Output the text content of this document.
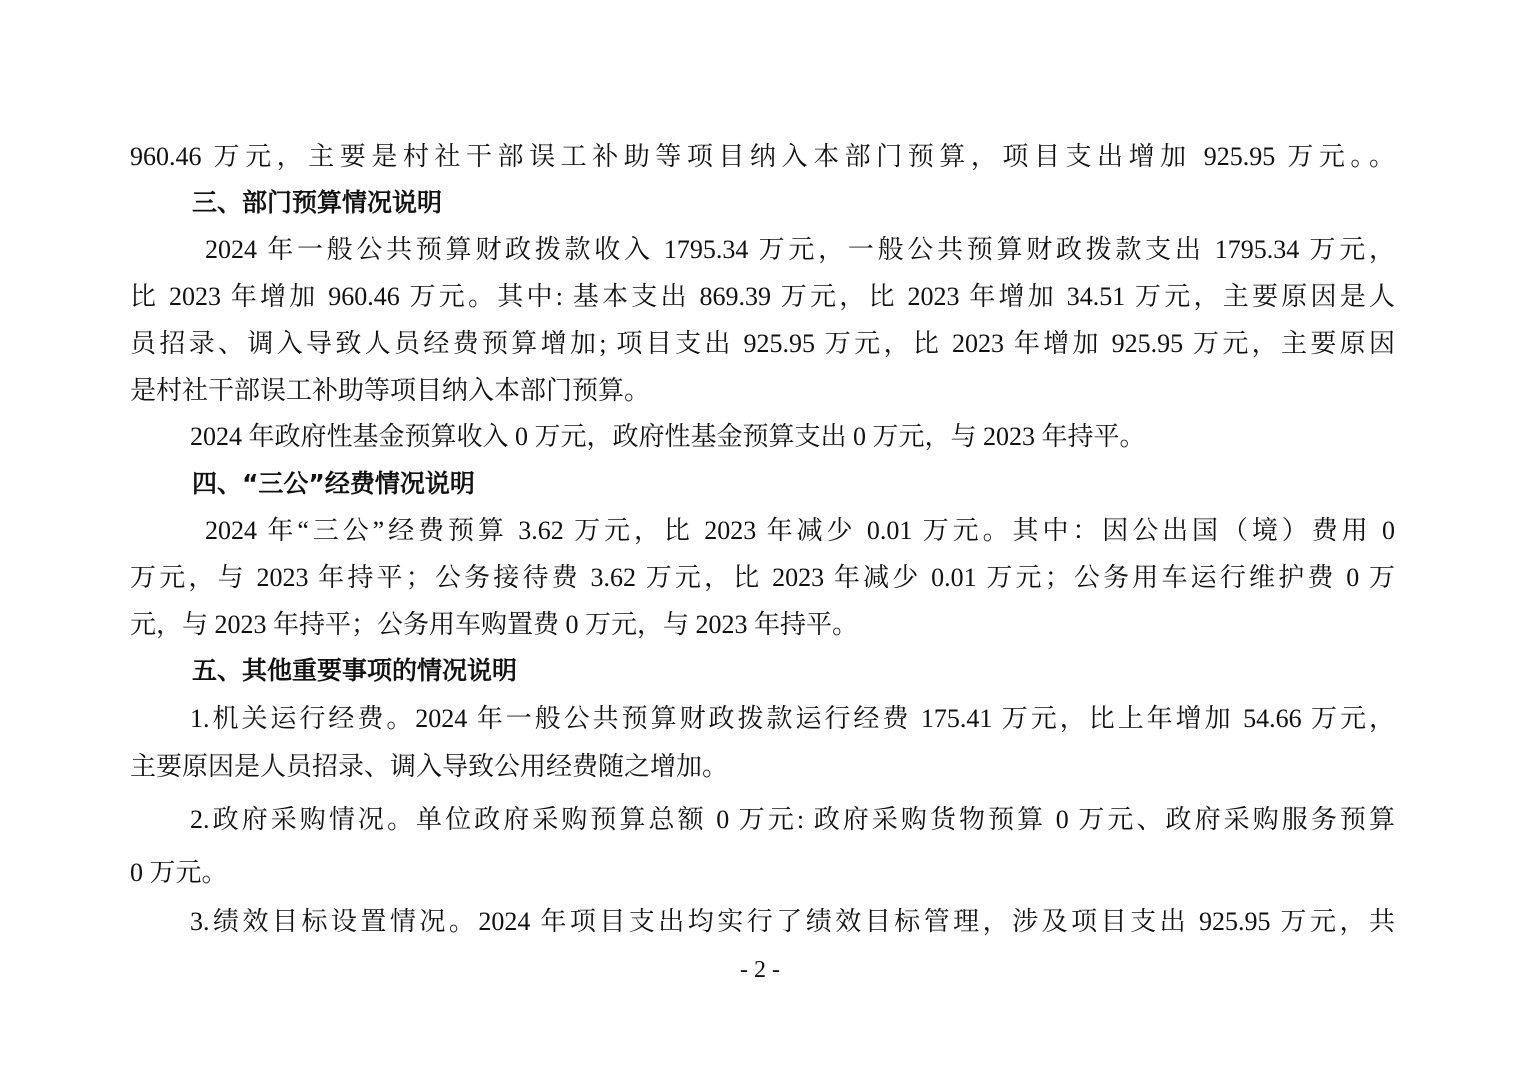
960.46 万元，主要是村社干部误工补助等项目纳入本部门预算，项目支出增加 925.95 万元。。
三、部门预算情况说明
2024 年一般公共预算财政拨款收入 1795.34 万元，一般公共预算财政拨款支出 1795.34 万元，
比 2023 年增加 960.46 万元。其中: 基本支出 869.39 万元，比 2023 年增加 34.51 万元，主要原因是人
员招录、调入导致人员经费预算增加; 项目支出 925.95 万元，比 2023 年增加 925.95 万元，主要原因
是村社干部误工补助等项目纳入本部门预算。
2024 年政府性基金预算收入 0 万元，政府性基金预算支出 0 万元，与 2023 年持平。
四、“三公”经费情况说明
2024 年“三公”经费预算 3.62 万元，比 2023 年减少 0.01 万元。其中：因公出国（境）费用 0
万元，与 2023 年持平；公务接待费 3.62 万元，比 2023 年减少 0.01 万元；公务用车运行维护费 0 万
元，与 2023 年持平；公务用车购置费 0 万元，与 2023 年持平。
五、其他重要事项的情况说明
1.机关运行经费。2024 年一般公共预算财政拨款运行经费 175.41 万元，比上年增加 54.66 万元，
主要原因是人员招录、调入导致公用经费随之增加。
2.政府采购情况。单位政府采购预算总额 0 万元: 政府采购货物预算 0 万元、政府采购服务预算
0 万元。
3.绩效目标设置情况。2024 年项目支出均实行了绩效目标管理，涉及项目支出 925.95 万元，共
- 2 -
